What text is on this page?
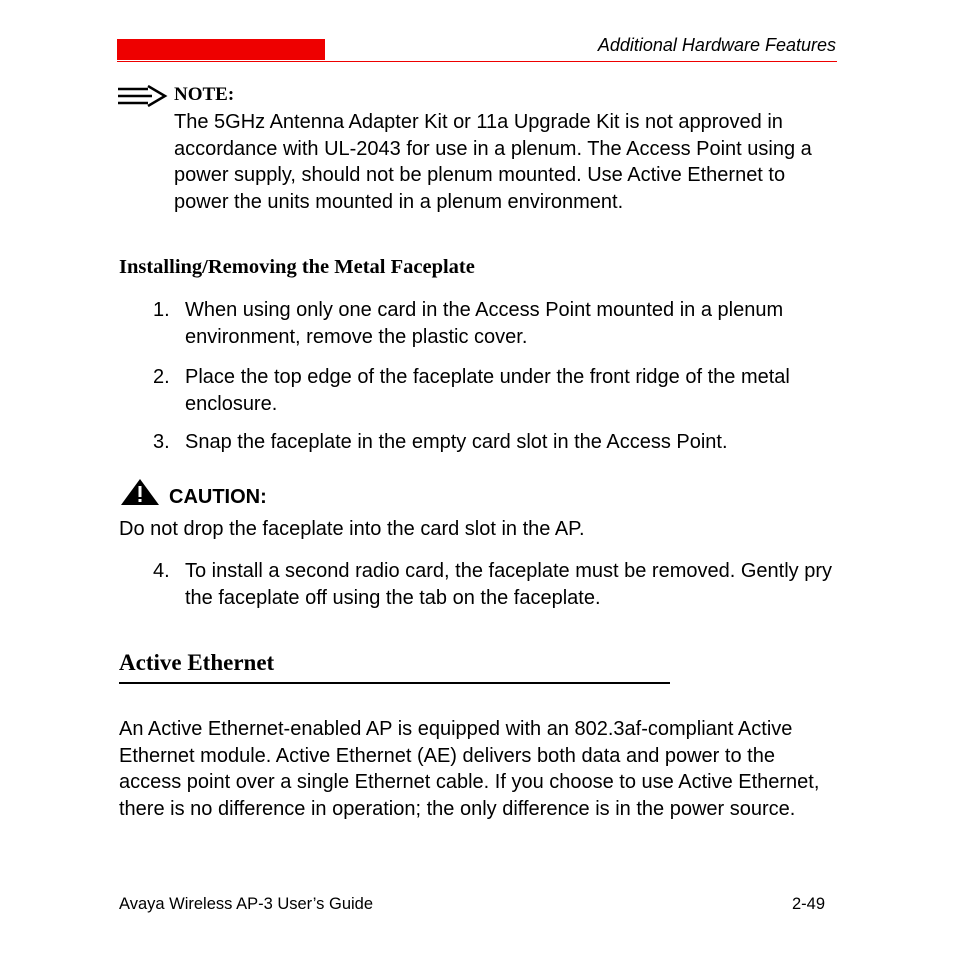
Additional Hardware Features
NOTE:
The 5GHz Antenna Adapter Kit or 11a Upgrade Kit is not approved in accordance with UL-2043 for use in a plenum. The Access Point using a power supply, should not be plenum mounted. Use Active Ethernet to power the units mounted in a plenum environment.
Installing/Removing the Metal Faceplate
1. When using only one card in the Access Point mounted in a plenum environment, remove the plastic cover.
2. Place the top edge of the faceplate under the front ridge of the metal enclosure.
3. Snap the faceplate in the empty card slot in the Access Point.
CAUTION:
Do not drop the faceplate into the card slot in the AP.
4. To install a second radio card, the faceplate must be removed. Gently pry the faceplate off using the tab on the faceplate.
Active Ethernet
An Active Ethernet-enabled AP is equipped with an 802.3af-compliant Active Ethernet module. Active Ethernet (AE) delivers both data and power to the access point over a single Ethernet cable. If you choose to use Active Ethernet, there is no difference in operation; the only difference is in the power source.
Avaya Wireless AP-3 User’s Guide	2-49
